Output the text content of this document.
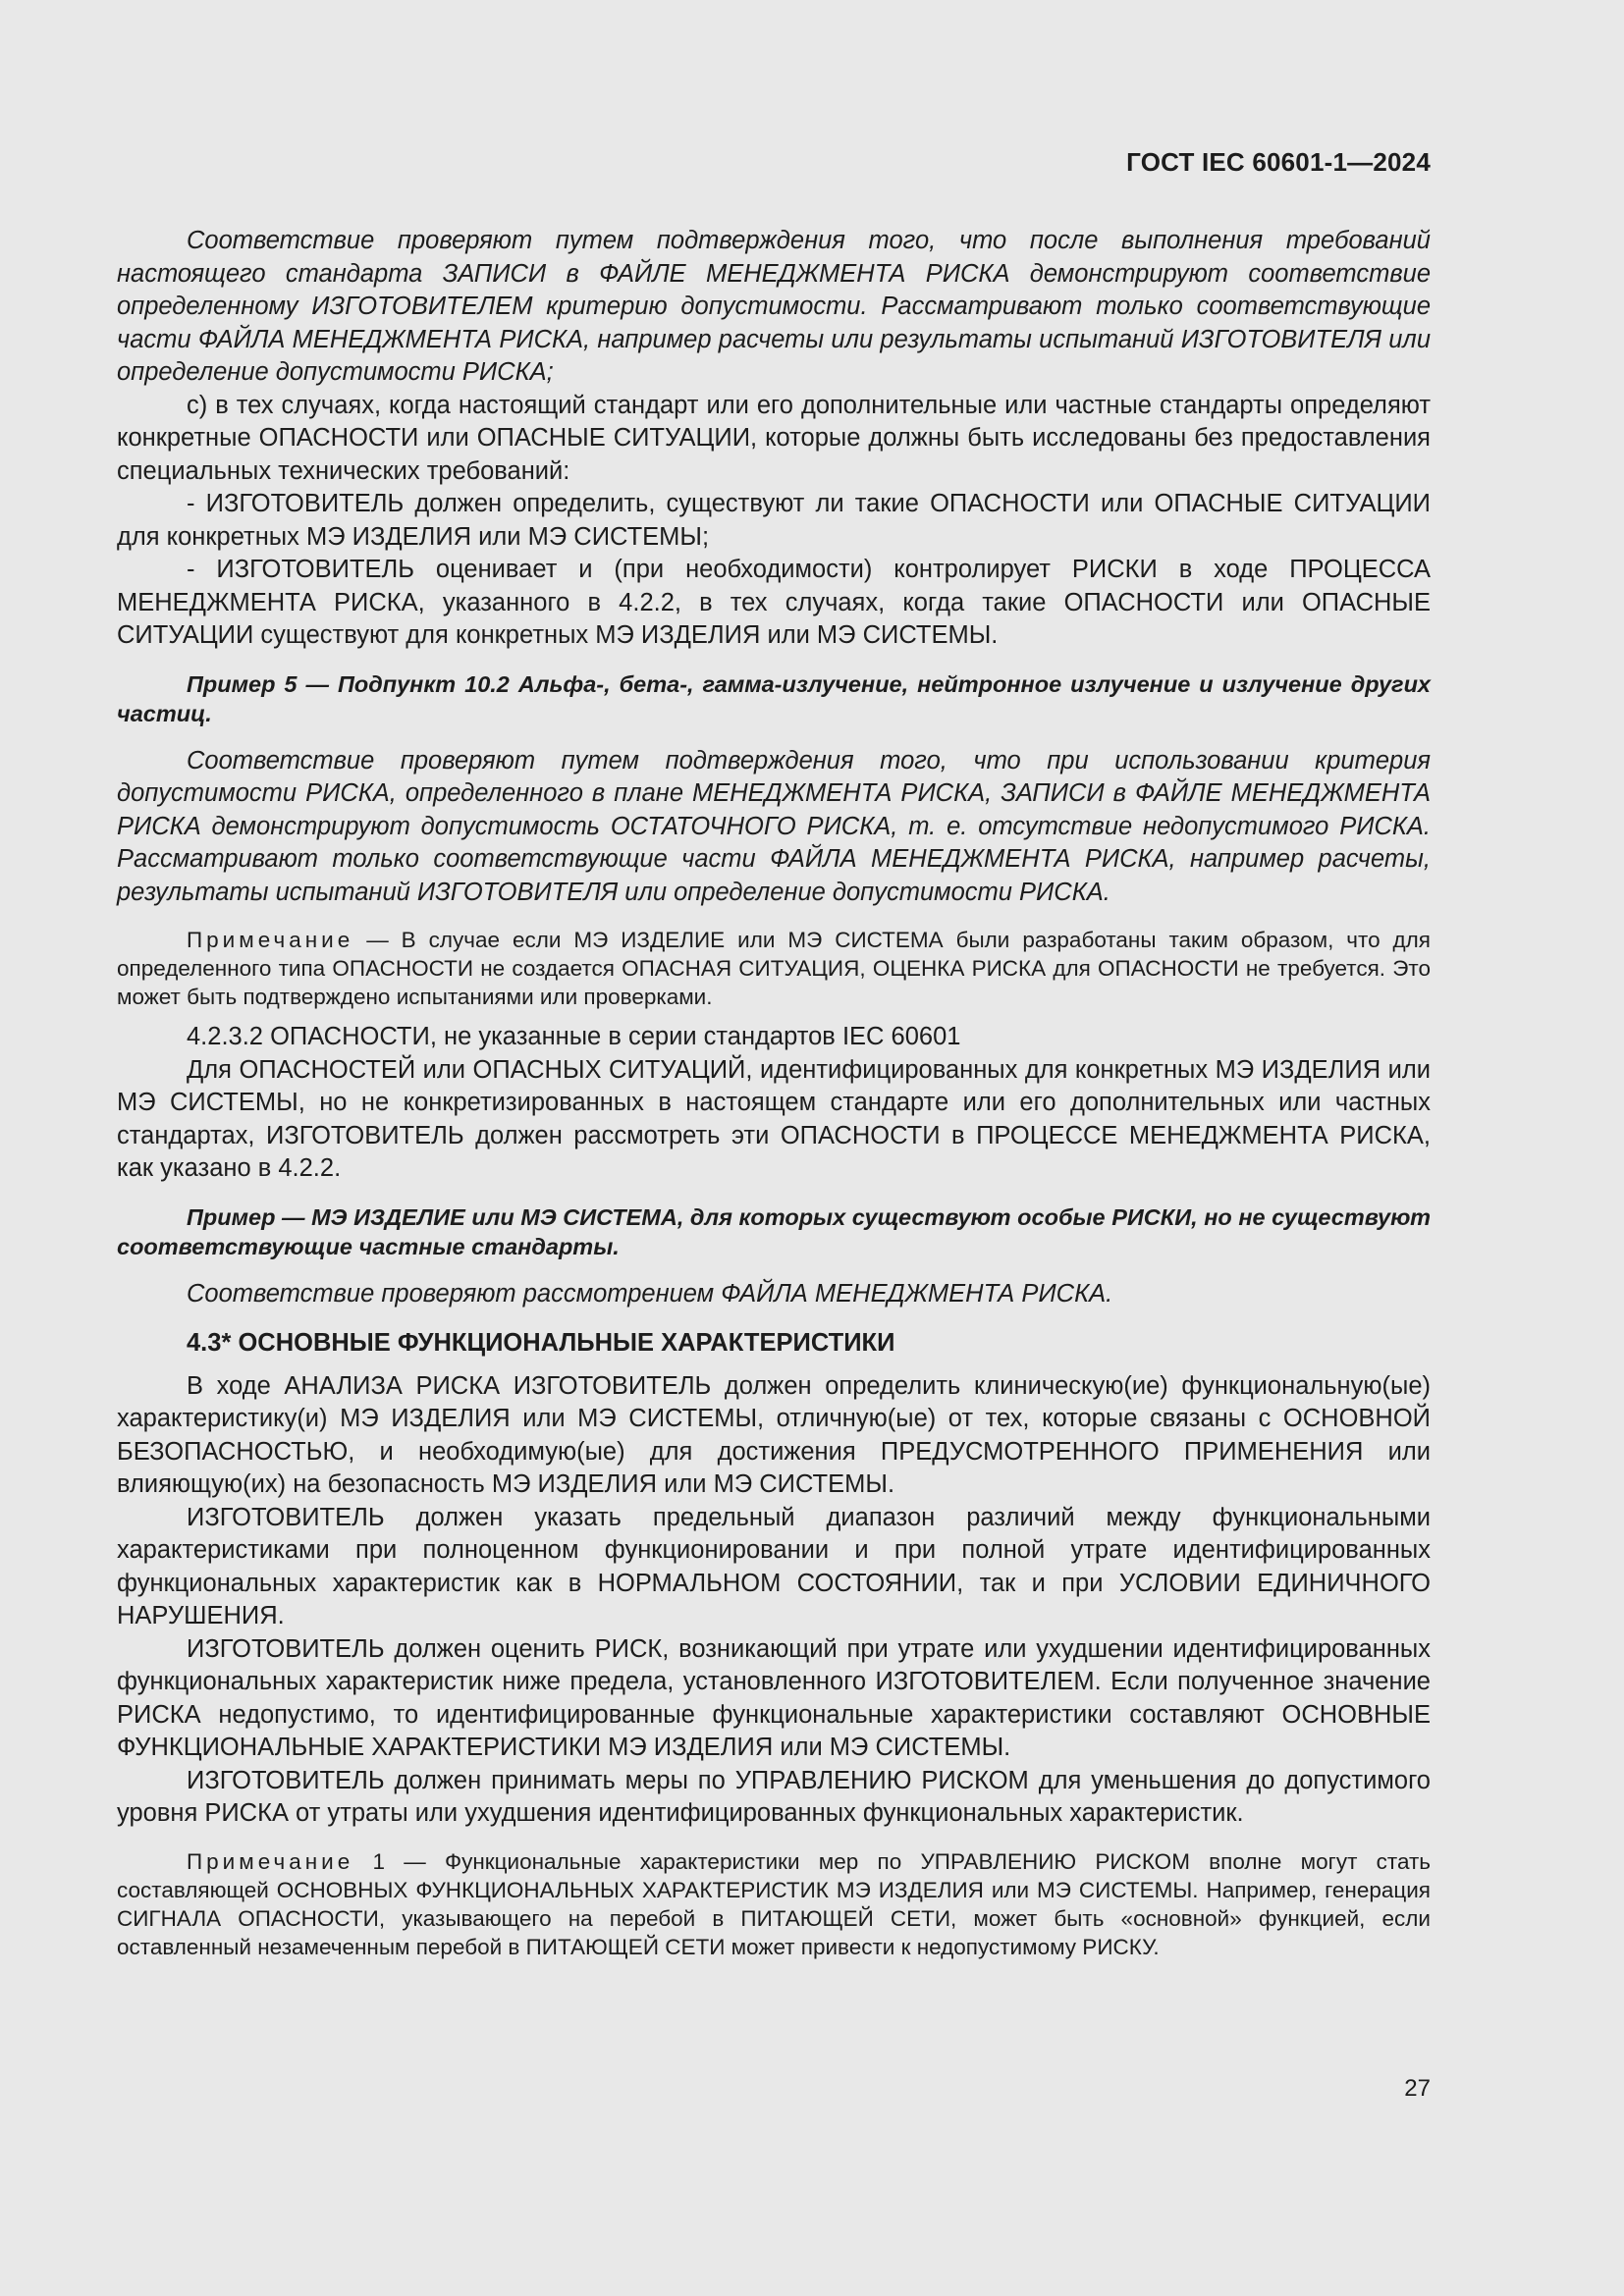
ГОСТ IEC 60601-1—2024

Соответствие проверяют путем подтверждения того, что после выполнения требований настоящего стандарта ЗАПИСИ в ФАЙЛЕ МЕНЕДЖМЕНТА РИСКА демонстрируют соответствие определенному ИЗГОТОВИТЕЛЕМ критерию допустимости. Рассматривают только соответствующие части ФАЙЛА МЕНЕДЖМЕНТА РИСКА, например расчеты или результаты испытаний ИЗГОТОВИТЕЛЯ или определение допустимости РИСКА;

c) в тех случаях, когда настоящий стандарт или его дополнительные или частные стандарты определяют конкретные ОПАСНОСТИ или ОПАСНЫЕ СИТУАЦИИ, которые должны быть исследованы без предоставления специальных технических требований:

- ИЗГОТОВИТЕЛЬ должен определить, существуют ли такие ОПАСНОСТИ или ОПАСНЫЕ СИТУАЦИИ для конкретных МЭ ИЗДЕЛИЯ или МЭ СИСТЕМЫ;

- ИЗГОТОВИТЕЛЬ оценивает и (при необходимости) контролирует РИСКИ в ходе ПРОЦЕССА МЕНЕДЖМЕНТА РИСКА, указанного в 4.2.2, в тех случаях, когда такие ОПАСНОСТИ или ОПАСНЫЕ СИТУАЦИИ существуют для конкретных МЭ ИЗДЕЛИЯ или МЭ СИСТЕМЫ.

Пример 5 — Подпункт 10.2 Альфа-, бета-, гамма-излучение, нейтронное излучение и излучение других частиц.

Соответствие проверяют путем подтверждения того, что при использовании критерия допустимости РИСКА, определенного в плане МЕНЕДЖМЕНТА РИСКА, ЗАПИСИ в ФАЙЛЕ МЕНЕДЖМЕНТА РИСКА демонстрируют допустимость ОСТАТОЧНОГО РИСКА, т. е. отсутствие недопустимого РИСКА. Рассматривают только соответствующие части ФАЙЛА МЕНЕДЖМЕНТА РИСКА, например расчеты, результаты испытаний ИЗГОТОВИТЕЛЯ или определение допустимости РИСКА.

Примечание — В случае если МЭ ИЗДЕЛИЕ или МЭ СИСТЕМА были разработаны таким образом, что для определенного типа ОПАСНОСТИ не создается ОПАСНАЯ СИТУАЦИЯ, ОЦЕНКА РИСКА для ОПАСНОСТИ не требуется. Это может быть подтверждено испытаниями или проверками.

4.2.3.2 ОПАСНОСТИ, не указанные в серии стандартов IEC 60601

Для ОПАСНОСТЕЙ или ОПАСНЫХ СИТУАЦИЙ, идентифицированных для конкретных МЭ ИЗДЕЛИЯ или МЭ СИСТЕМЫ, но не конкретизированных в настоящем стандарте или его дополнительных или частных стандартах, ИЗГОТОВИТЕЛЬ должен рассмотреть эти ОПАСНОСТИ в ПРОЦЕССЕ МЕНЕДЖМЕНТА РИСКА, как указано в 4.2.2.

Пример — МЭ ИЗДЕЛИЕ или МЭ СИСТЕМА, для которых существуют особые РИСКИ, но не существуют соответствующие частные стандарты.

Соответствие проверяют рассмотрением ФАЙЛА МЕНЕДЖМЕНТА РИСКА.

4.3* ОСНОВНЫЕ ФУНКЦИОНАЛЬНЫЕ ХАРАКТЕРИСТИКИ

В ходе АНАЛИЗА РИСКА ИЗГОТОВИТЕЛЬ должен определить клиническую(ие) функциональную(ые) характеристику(и) МЭ ИЗДЕЛИЯ или МЭ СИСТЕМЫ, отличную(ые) от тех, которые связаны с ОСНОВНОЙ БЕЗОПАСНОСТЬЮ, и необходимую(ые) для достижения ПРЕДУСМОТРЕННОГО ПРИМЕНЕНИЯ или влияющую(их) на безопасность МЭ ИЗДЕЛИЯ или МЭ СИСТЕМЫ.

ИЗГОТОВИТЕЛЬ должен указать предельный диапазон различий между функциональными характеристиками при полноценном функционировании и при полной утрате идентифицированных функциональных характеристик как в НОРМАЛЬНОМ СОСТОЯНИИ, так и при УСЛОВИИ ЕДИНИЧНОГО НАРУШЕНИЯ.

ИЗГОТОВИТЕЛЬ должен оценить РИСК, возникающий при утрате или ухудшении идентифицированных функциональных характеристик ниже предела, установленного ИЗГОТОВИТЕЛЕМ. Если полученное значение РИСКА недопустимо, то идентифицированные функциональные характеристики составляют ОСНОВНЫЕ ФУНКЦИОНАЛЬНЫЕ ХАРАКТЕРИСТИКИ МЭ ИЗДЕЛИЯ или МЭ СИСТЕМЫ.

ИЗГОТОВИТЕЛЬ должен принимать меры по УПРАВЛЕНИЮ РИСКОМ для уменьшения до допустимого уровня РИСКА от утраты или ухудшения идентифицированных функциональных характеристик.

Примечание 1 — Функциональные характеристики мер по УПРАВЛЕНИЮ РИСКОМ вполне могут стать составляющей ОСНОВНЫХ ФУНКЦИОНАЛЬНЫХ ХАРАКТЕРИСТИК МЭ ИЗДЕЛИЯ или МЭ СИСТЕМЫ. Например, генерация СИГНАЛА ОПАСНОСТИ, указывающего на перебой в ПИТАЮЩЕЙ СЕТИ, может быть «основной» функцией, если оставленный незамеченным перебой в ПИТАЮЩЕЙ СЕТИ может привести к недопустимому РИСКУ.

27
